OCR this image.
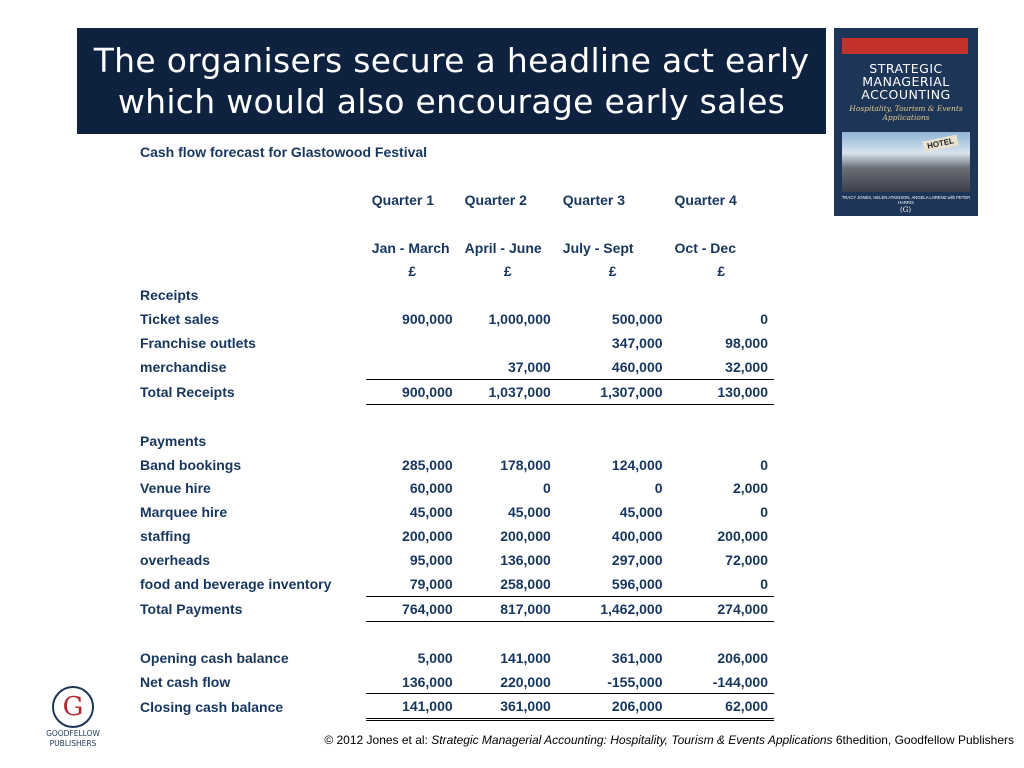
The organisers secure a headline act early which would also encourage early sales
STRATEGIC MANAGERIAL ACCOUNTING
Hospitality, Tourism & Events Applications
HOTEL
TRACY JONES, HELEN ATKINSON, ANGELA LORENZ with PETER HARRIS
(G)
Cash flow forecast for Glastowood Festival				

	Quarter 1	Quarter 2	Quarter 3	Quarter 4

	Jan - March	April - June	July - Sept	Oct - Dec
	£	£	£	£
Receipts				
Ticket sales	900,000	1,000,000	500,000	0
Franchise outlets			347,000	98,000
merchandise		37,000	460,000	32,000
Total Receipts	900,000	1,037,000	1,307,000	130,000

Payments				
Band bookings	285,000	178,000	124,000	0
Venue hire	60,000	0	0	2,000
Marquee hire	45,000	45,000	45,000	0
staffing	200,000	200,000	400,000	200,000
overheads	95,000	136,000	297,000	72,000
food and beverage inventory	79,000	258,000	596,000	0
Total Payments	764,000	817,000	1,462,000	274,000

Opening cash balance	5,000	141,000	361,000	206,000
Net cash flow	136,000	220,000	-155,000	-144,000
Closing cash balance	141,000	361,000	206,000	62,000
G
GOODFELLOW
PUBLISHERS	© 2012 Jones et al: Strategic Managerial Accounting: Hospitality, Tourism & Events Applications 6thedition, Goodfellow Publishers
